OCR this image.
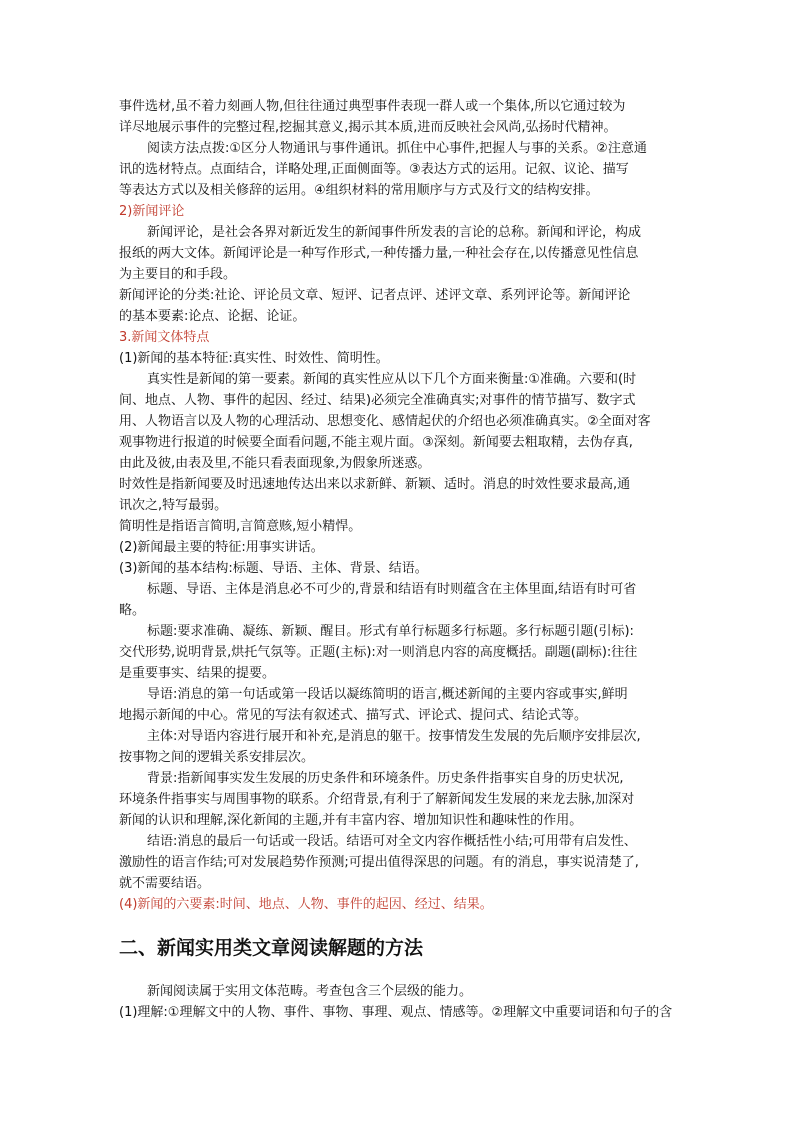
事件选材,虽不着力刻画人物,但往往通过典型事件表现一群人或一个集体,所以它通过较为

详尽地展示事件的完整过程,挖掘其意义,揭示其本质,进而反映社会风尚,弘扬时代精神。

阅读方法点拨:①区分人物通讯与事件通讯。抓住中心事件,把握人与事的关系。②注意通

讯的选材特点。点面结合，详略处理,正面侧面等。③表达方式的运用。记叙、议论、描写

等表达方式以及相关修辞的运用。④组织材料的常用顺序与方式及行文的结构安排。

2)新闻评论

新闻评论，是社会各界对新近发生的新闻事件所发表的言论的总称。新闻和评论，构成

报纸的两大文体。新闻评论是一种写作形式,一种传播力量,一种社会存在,以传播意见性信息

为主要目的和手段。

新闻评论的分类:社论、评论员文章、短评、记者点评、述评文章、系列评论等。新闻评论

的基本要素:论点、论据、论证。

3.新闻文体特点

(1)新闻的基本特征:真实性、时效性、简明性。

真实性是新闻的第一要素。新闻的真实性应从以下几个方面来衡量:①准确。六要和(时

间、地点、人物、事件的起因、经过、结果)必须完全准确真实;对事件的情节描写、数字式

用、人物语言以及人物的心理活动、思想变化、感情起伏的介绍也必须准确真实。②全面对客

观事物进行报道的时候要全面看问题,不能主观片面。③深刻。新闻要去粗取精，去伪存真,

由此及彼,由表及里,不能只看表面现象,为假象所迷惑。

时效性是指新闻要及时迅速地传达出来以求新鲜、新颖、适时。消息的时效性要求最高,通

讯次之,特写最弱。

简明性是指语言简明,言简意赅,短小精悍。

(2)新闻最主要的特征:用事实讲话。

(3)新闻的基本结构:标题、导语、主体、背景、结语。

标题、导语、主体是消息必不可少的,背景和结语有时则蕴含在主体里面,结语有时可省

略。

标题:要求准确、凝练、新颖、醒目。形式有单行标题多行标题。多行标题引题(引标):

交代形势,说明背景,烘托气氛等。正题(主标):对一则消息内容的高度概括。副题(副标):往往

是重要事实、结果的提要。

导语:消息的第一句话或第一段话以凝练简明的语言,概述新闻的主要内容或事实,鲜明

地揭示新闻的中心。常见的写法有叙述式、描写式、评论式、提问式、结论式等。

主体:对导语内容进行展开和补充,是消息的躯干。按事情发生发展的先后顺序安排层次,

按事物之间的逻辑关系安排层次。

背景:指新闻事实发生发展的历史条件和环境条件。历史条件指事实自身的历史状况,

环境条件指事实与周围事物的联系。介绍背景,有利于了解新闻发生发展的来龙去脉,加深对

新闻的认识和理解,深化新闻的主题,并有丰富内容、增加知识性和趣味性的作用。

结语:消息的最后一句话或一段话。结语可对全文内容作概括性小结;可用带有启发性、

激励性的语言作结;可对发展趋势作预测;可提出值得深思的问题。有的消息，事实说清楚了,

就不需要结语。

(4)新闻的六要素:时间、地点、人物、事件的起因、经过、结果。

二、新闻实用类文章阅读解题的方法

新闻阅读属于实用文体范畴。考查包含三个层级的能力。

(1)理解:①理解文中的人物、事件、事物、事理、观点、情感等。②理解文中重要词语和句子的含
